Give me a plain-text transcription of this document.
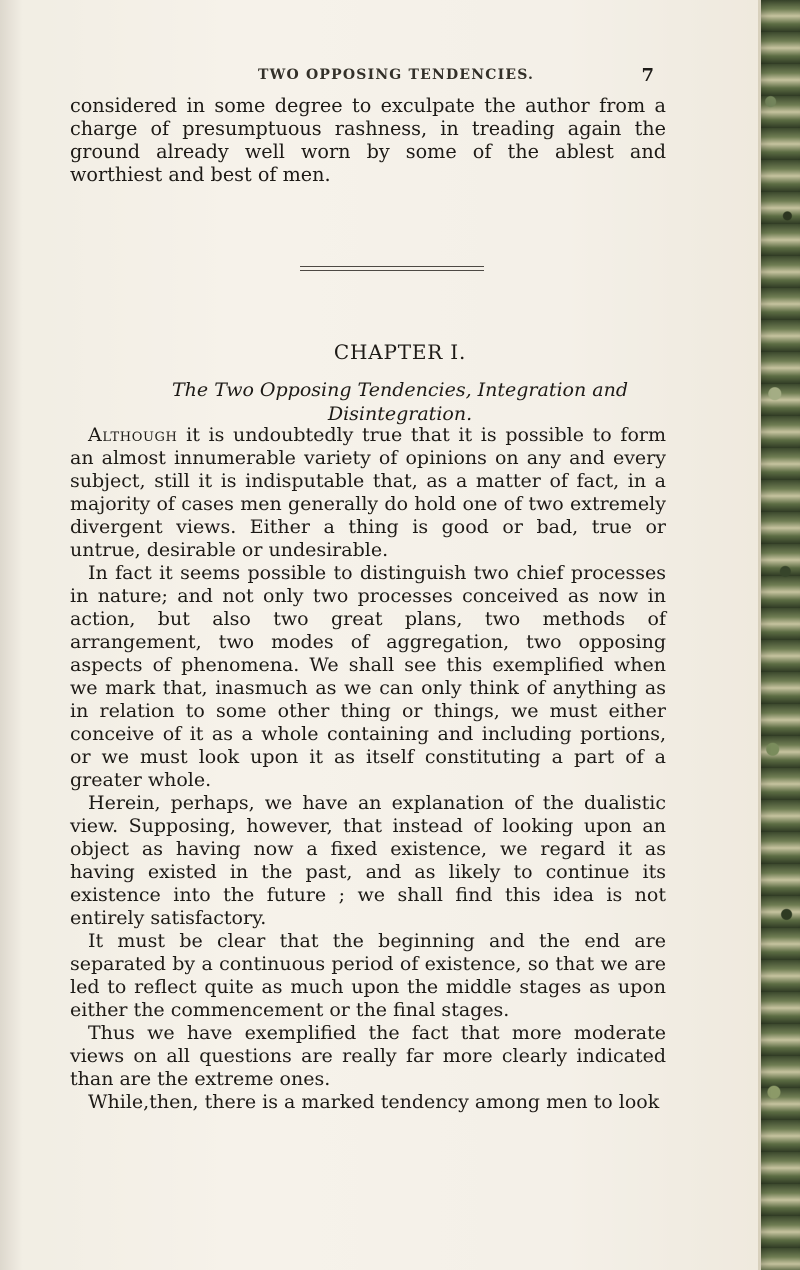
TWO OPPOSING TENDENCIES.	7

considered in some degree to exculpate the author from a charge of presumptuous rashness, in treading again the ground already well worn by some of the ablest and worthiest and best of men.

CHAPTER I.

The Two Opposing Tendencies, Integration and Disintegration.

Although it is undoubtedly true that it is possible to form an almost innumerable variety of opinions on any and every subject, still it is indisputable that, as a matter of fact, in a majority of cases men generally do hold one of two extremely divergent views. Either a thing is good or bad, true or untrue, desirable or undesirable.

In fact it seems possible to distinguish two chief processes in nature; and not only two processes conceived as now in action, but also two great plans, two methods of arrangement, two modes of aggregation, two opposing aspects of phenomena. We shall see this exemplified when we mark that, inasmuch as we can only think of anything as in relation to some other thing or things, we must either conceive of it as a whole containing and including portions, or we must look upon it as itself constituting a part of a greater whole.

Herein, perhaps, we have an explanation of the dualistic view. Supposing, however, that instead of looking upon an object as having now a fixed existence, we regard it as having existed in the past, and as likely to continue its existence into the future ; we shall find this idea is not entirely satisfactory.

It must be clear that the beginning and the end are separated by a continuous period of existence, so that we are led to reflect quite as much upon the middle stages as upon either the commencement or the final stages.

Thus we have exemplified the fact that more moderate views on all questions are really far more clearly indicated than are the extreme ones.

While,then, there is a marked tendency among men to look
